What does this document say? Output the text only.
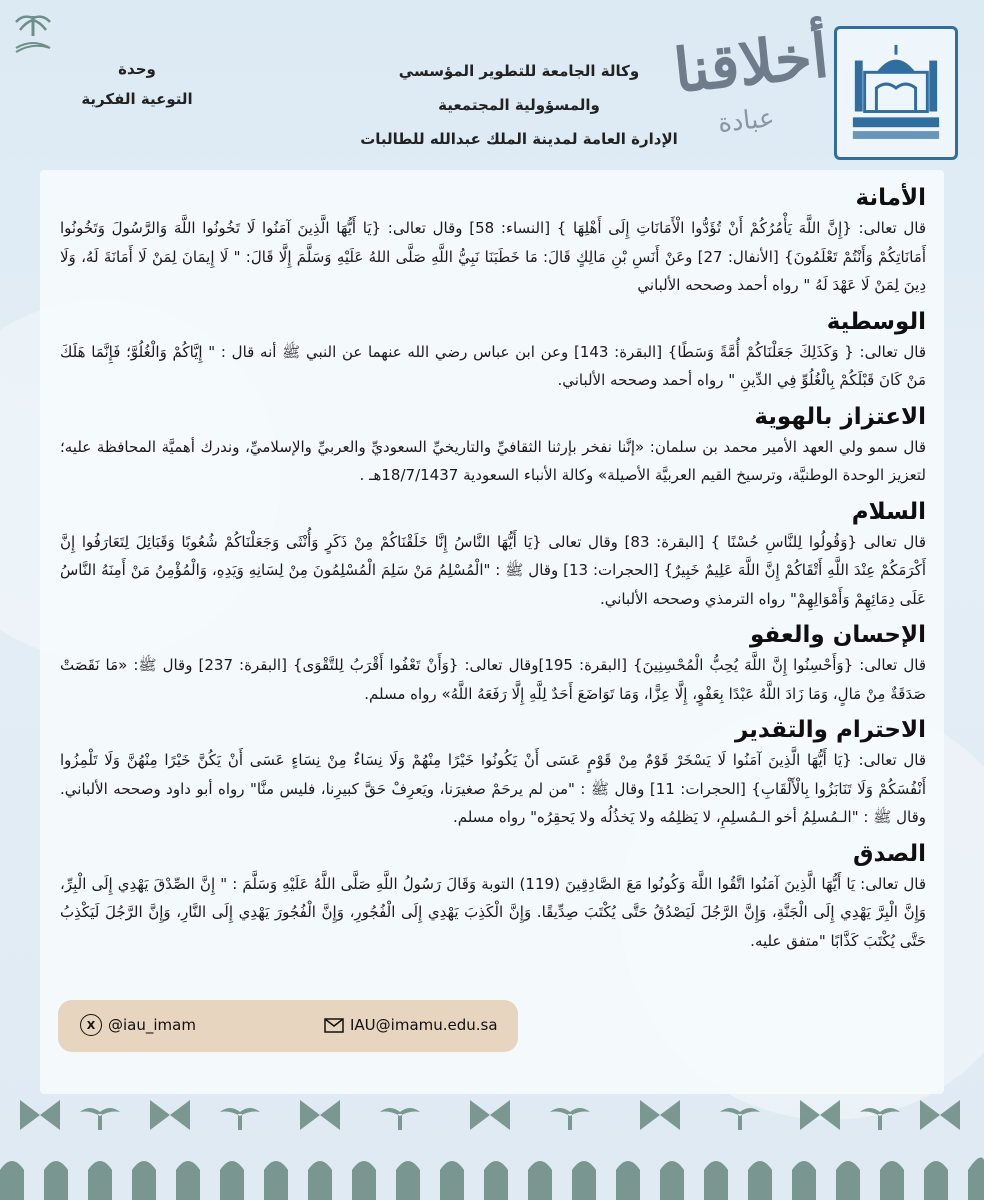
أخلاقنا
عبادة
وكالة الجامعة للتطوير المؤسسي والمسؤولية المجتمعية
الإدارة العامة لمدينة الملك عبدالله للطالبات
وحدة
التوعية الفكرية
الأمانة

قال تعالى: {إِنَّ اللَّهَ يَأْمُرُكُمْ أَنْ تُؤَدُّوا الْأَمَانَاتِ إِلَى أَهْلِهَا } [النساء: 58] وقال تعالى: {يَا أَيُّهَا الَّذِينَ آمَنُوا لَا تَخُونُوا اللَّهَ وَالرَّسُولَ وَتَخُونُوا أَمَانَاتِكُمْ وَأَنْتُمْ تَعْلَمُونَ} [الأنفال: 27] وعَنْ أَنَسِ بْنِ مَالِكٍ قَالَ: مَا خَطَبَنَا نَبِيُّ اللَّهِ صَلَّى اللهُ عَلَيْهِ وَسَلَّمَ إِلَّا قَالَ: " لَا إِيمَانَ لِمَنْ لَا أَمَانَةَ لَهُ، وَلَا دِينَ لِمَنْ لَا عَهْدَ لَهُ " رواه أحمد وصححه الألباني

الوسطية

قال تعالى: { وَكَذَلِكَ جَعَلْنَاكُمْ أُمَّةً وَسَطًا} [البقرة: 143] وعن ابن عباس رضي الله عنهما عن النبي ﷺ أنه قال : " إِيَّاكُمْ وَالْغُلُوَّ؛ فَإِنَّمَا هَلَكَ مَنْ كَانَ قَبْلَكُمْ بِالْغُلُوِّ فِي الدِّينِ " رواه أحمد وصححه الألباني.

الاعتزاز بالهوية

قال سمو ولي العهد الأمير محمد بن سلمان: «إنَّنا نفخر بإرثنا الثقافيِّ والتاريخيِّ السعوديِّ والعربيِّ والإسلاميِّ، وندرك أهميَّة المحافظة عليه؛ لتعزيز الوحدة الوطنيَّة، وترسيخ القيم العربيَّة الأصيلة» وكالة الأنباء السعودية 18/7/1437هـ .

السلام

قال تعالى {وَقُولُوا لِلنَّاسِ حُسْنًا } [البقرة: 83] وقال تعالى {يَا أَيُّهَا النَّاسُ إِنَّا خَلَقْنَاكُمْ مِنْ ذَكَرٍ وَأُنْثَى وَجَعَلْنَاكُمْ شُعُوبًا وَقَبَائِلَ لِتَعَارَفُوا إِنَّ أَكْرَمَكُمْ عِنْدَ اللَّهِ أَتْقَاكُمْ إِنَّ اللَّهَ عَلِيمٌ خَبِيرٌ} [الحجرات: 13] وقال ﷺ : "الْمُسْلِمُ مَنْ سَلِمَ الْمُسْلِمُونَ مِنْ لِسَانِهِ وَيَدِهِ، وَالْمُؤْمِنُ مَنْ أَمِنَهُ النَّاسُ عَلَى دِمَائِهِمْ وَأَمْوَالِهِمْ" رواه الترمذي وصححه الألباني.

الإحسان والعفو

قال تعالى: {وَأَحْسِنُوا إِنَّ اللَّهَ يُحِبُّ الْمُحْسِنِينَ} [البقرة: 195]وقال تعالى: {وَأَنْ تَعْفُوا أَقْرَبُ لِلتَّقْوَى} [البقرة: 237] وقال ﷺ: «مَا نَقَصَتْ صَدَقَةٌ مِنْ مَالٍ، وَمَا زَادَ اللَّهُ عَبْدًا بِعَفْوٍ، إِلَّا عِزًّا، وَمَا تَوَاضَعَ أَحَدٌ لِلَّهِ إِلَّا رَفَعَهُ اللَّهُ» رواه مسلم.

الاحترام والتقدير

قال تعالى: {يَا أَيُّهَا الَّذِينَ آمَنُوا لَا يَسْخَرْ قَوْمٌ مِنْ قَوْمٍ عَسَى أَنْ يَكُونُوا خَيْرًا مِنْهُمْ وَلَا نِسَاءٌ مِنْ نِسَاءٍ عَسَى أَنْ يَكُنَّ خَيْرًا مِنْهُنَّ وَلَا تَلْمِزُوا أَنْفُسَكُمْ وَلَا تَنَابَزُوا بِالْأَلْقَابِ} [الحجرات: 11] وقال ﷺ : "من لم يرحَمْ صغيرَنا، ويَعرِفْ حَقَّ كبيرِنا، فليس منَّا" رواه أبو داود وصححه الألباني. وقال ﷺ : "الـمُسلِمُ أخو الـمُسلِمِ، لا يَظلِمُه ولا يَخذُلُه ولا يَحقِرُه" رواه مسلم.

الصدق

قال تعالى: يَا أَيُّهَا الَّذِينَ آمَنُوا اتَّقُوا اللَّهَ وَكُونُوا مَعَ الصَّادِقِينَ (119) التوبة وَقَالَ رَسُولُ اللَّهِ صَلَّى اللَّهُ عَلَيْهِ وَسَلَّمَ : " إِنَّ الصِّدْقَ يَهْدِي إِلَى الْبِرِّ، وَإِنَّ الْبِرَّ يَهْدِي إِلَى الْجَنَّةِ، وَإِنَّ الرَّجُلَ لَيَصْدُقُ حَتَّى يُكْتَبَ صِدِّيقًا. وَإِنَّ الْكَذِبَ يَهْدِي إِلَى الْفُجُورِ، وَإِنَّ الْفُجُورَ يَهْدِي إِلَى النَّارِ، وَإِنَّ الرَّجُلَ لَيَكْذِبُ حَتَّى يُكْتَبَ كَذَّابًا "متفق عليه.

X @iau_imam	IAU@imamu.edu.sa
